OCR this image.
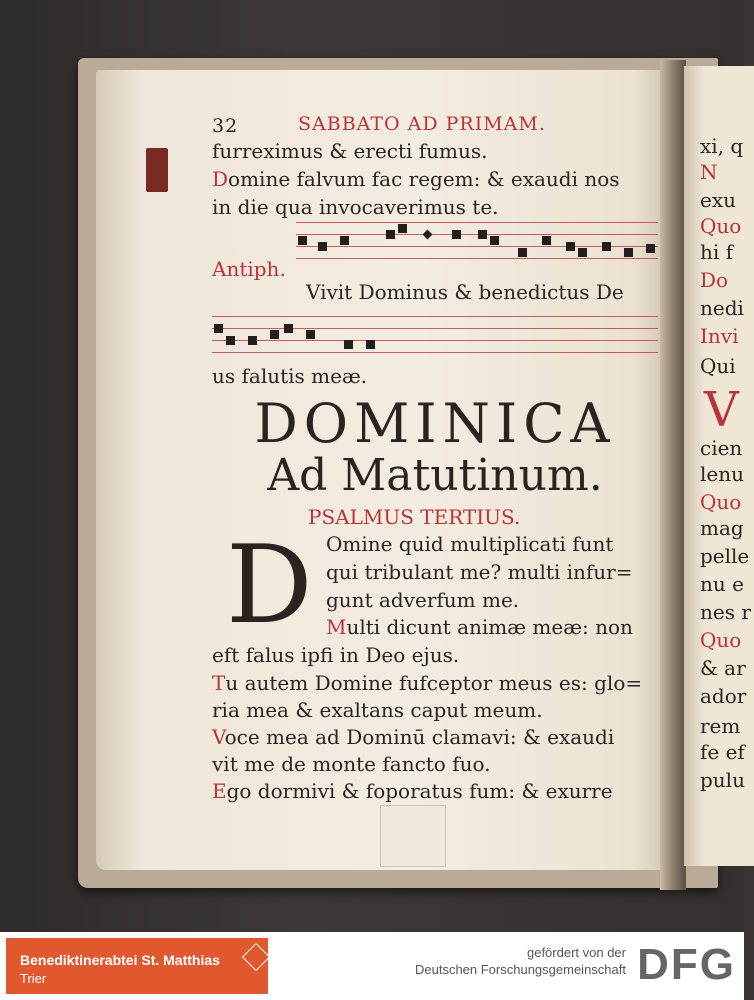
32	SABBATO AD PRIMAM.
furreximus & erecti fumus.
Domine falvum fac regem: & exaudi nos
in die qua invocaverimus te.
Antiph.
Vivit Dominus & benedictus De
us falutis meæ.
DOMINICA
Ad Matutinum.
PSALMUS TERTIUS.
D Omine quid multiplicati funt
qui tribulant me? multi infur=
gunt adverfum me.
Multi dicunt animæ meæ: non
eft falus ipfi in Deo ejus.
Tu autem Domine fufceptor meus es: glo=
ria mea & exaltans caput meum.
Voce mea ad Dominū clamavi: & exaudi
vit me de monte fancto fuo.
Ego dormivi & foporatus fum: & exurre
xi, q
N
exu
Quo
hi f
Do
nedi
Invi
Qui
V
cien
lenu
Quo
mag
pelle
nu e
nes r
Quo
& ar
ador
rem
fe ef
pulu
Benediktinerabtei St. Matthias
Trier
gefördert von der
Deutschen Forschungsgemeinschaft DFG
